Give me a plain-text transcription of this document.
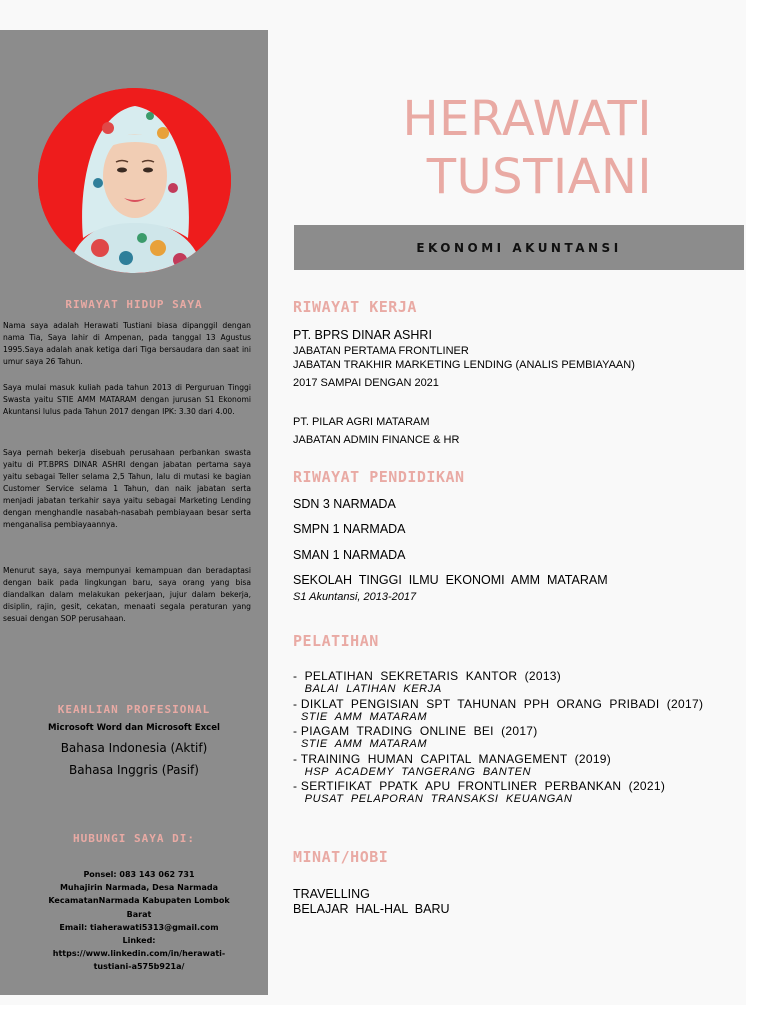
RIWAYAT HIDUP SAYA

Nama saya adalah Herawati Tustiani biasa dipanggil dengan nama Tia, Saya lahir di Ampenan, pada tanggal 13 Agustus 1995.Saya adalah anak ketiga dari Tiga bersaudara dan saat ini umur saya 26 Tahun.

Saya mulai masuk kuliah pada tahun 2013 di Perguruan Tinggi Swasta yaitu STIE AMM MATARAM dengan jurusan S1 Ekonomi Akuntansi lulus pada Tahun 2017 dengan IPK: 3.30 dari 4.00.

Saya pernah bekerja disebuah perusahaan perbankan swasta yaitu di PT.BPRS DINAR ASHRI dengan jabatan pertama saya yaitu sebagai Teller selama 2,5 Tahun, lalu di mutasi ke bagian Customer Service selama 1 Tahun, dan naik jabatan serta menjadi jabatan terkahir saya yaitu sebagai Marketing Lending dengan menghandle nasabah-nasabah pembiayaan besar serta menganalisa pembiayaannya.

Menurut saya, saya mempunyai kemampuan dan beradaptasi dengan baik pada lingkungan baru, saya orang yang bisa diandalkan dalam melakukan pekerjaan, jujur dalam bekerja, disiplin, rajin, gesit, cekatan, menaati segala peraturan yang sesuai dengan SOP perusahaan.

KEAHLIAN PROFESIONAL
Microsoft Word dan Microsoft Excel
Bahasa Indonesia (Aktif)
Bahasa Inggris (Pasif)
HUBUNGI SAYA DI:
Ponsel: 083 143 062 731
Muhajirin Narmada, Desa Narmada
KecamatanNarmada Kabupaten Lombok
Barat
Email: tiaherawati5313@gmail.com
Linked:
https://www.linkedin.com/in/herawati-
tustiani-a575b921a/
HERAWATI
TUSTIANI
EKONOMI AKUNTANSI
RIWAYAT KERJA
PT. BPRS DINAR ASHRI
JABATAN PERTAMA FRONTLINER
JABATAN TRAKHIR MARKETING LENDING (ANALIS PEMBIAYAAN)
2017 SAMPAI DENGAN 2021
PT. PILAR AGRI MATARAM
JABATAN ADMIN FINANCE & HR
RIWAYAT PENDIDIKAN
SDN 3 NARMADA
SMPN 1 NARMADA
SMAN 1 NARMADA
SEKOLAH  TINGGI  ILMU  EKONOMI  AMM  MATARAM
S1 Akuntansi, 2013-2017
PELATIHAN
-  PELATIHAN  SEKRETARIS  KANTOR  (2013)
BALAI  LATIHAN  KERJA
- DIKLAT  PENGISIAN  SPT  TAHUNAN  PPH  ORANG  PRIBADI  (2017)
STIE  AMM  MATARAM
- PIAGAM  TRADING  ONLINE  BEI  (2017)
STIE  AMM  MATARAM
- TRAINING  HUMAN  CAPITAL  MANAGEMENT  (2019)
HSP  ACADEMY  TANGERANG  BANTEN
- SERTIFIKAT  PPATK  APU  FRONTLINER  PERBANKAN  (2021)
PUSAT  PELAPORAN  TRANSAKSI  KEUANGAN
MINAT/HOBI
TRAVELLING
BELAJAR  HAL-HAL  BARU
